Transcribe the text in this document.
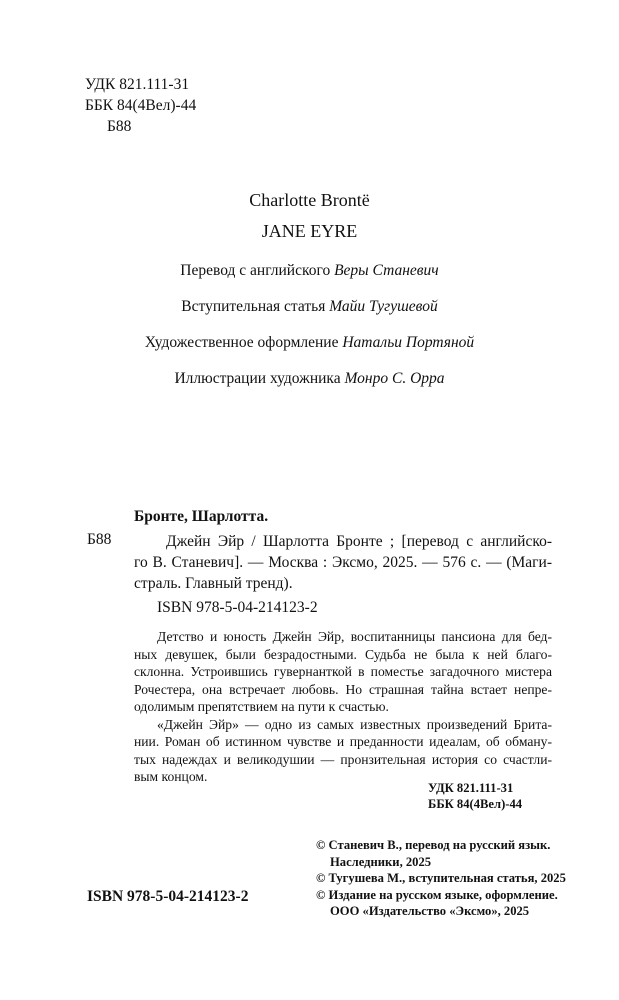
УДК 821.111-31
ББК 84(4Вел)-44
Б88
Charlotte Brontë
JANE EYRE
Перевод с английского Веры Станевич
Вступительная статья Майи Тугушевой
Художественное оформление Натальи Портяной
Иллюстрации художника Монро С. Орра
Бронте, Шарлотта.
Б88	Джейн Эйр / Шарлотта Бронте ; [перевод с английско-
го В. Станевич]. — Москва : Эксмо, 2025. — 576 с. — (Маги-
страль. Главный тренд).
ISBN 978-5-04-214123-2
Детство и юность Джейн Эйр, воспитанницы пансиона для бед-
ных девушек, были безрадостными. Судьба не была к ней благо-
склонна. Устроившись гувернанткой в поместье загадочного мистера
Рочестера, она встречает любовь. Но страшная тайна встает непре-
одолимым препятствием на пути к счастью.
«Джейн Эйр» — одно из самых известных произведений Брита-
нии. Роман об истинном чувстве и преданности идеалам, об обману-
тых надеждах и великодушии — пронзительная история со счастли-
вым концом.
УДК 821.111-31
ББК 84(4Вел)-44
© Станевич В., перевод на русский язык.
Наследники, 2025
© Тугушева М., вступительная статья, 2025
© Издание на русском языке, оформление.
ООО «Издательство «Эксмо», 2025
ISBN 978-5-04-214123-2
